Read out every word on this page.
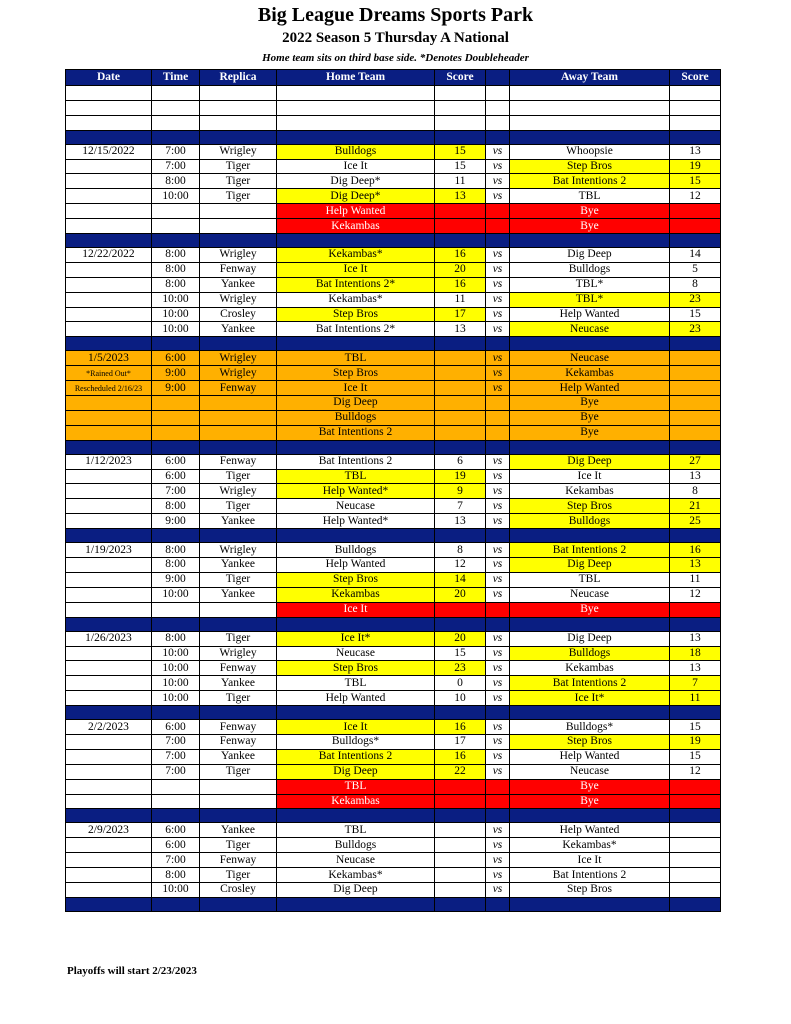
Big League Dreams Sports Park
2022 Season 5 Thursday A National
Home team sits on third base side. *Denotes Doubleheader
Date	Time	Replica	Home Team	Score		Away Team	Score

12/15/2022	7:00	Wrigley	Bulldogs	15	vs	Whoopsie	13
	7:00	Tiger	Ice It	15	vs	Step Bros	19
	8:00	Tiger	Dig Deep*	11	vs	Bat Intentions 2	15
	10:00	Tiger	Dig Deep*	13	vs	TBL	12
			Help Wanted			Bye	
			Kekambas			Bye	

12/22/2022	8:00	Wrigley	Kekambas*	16	vs	Dig Deep	14
	8:00	Fenway	Ice It	20	vs	Bulldogs	5
	8:00	Yankee	Bat Intentions 2*	16	vs	TBL*	8
	10:00	Wrigley	Kekambas*	11	vs	TBL*	23
	10:00	Crosley	Step Bros	17	vs	Help Wanted	15
	10:00	Yankee	Bat Intentions 2*	13	vs	Neucase	23

1/5/2023	6:00	Wrigley	TBL		vs	Neucase	
*Rained Out*	9:00	Wrigley	Step Bros		vs	Kekambas	
Rescheduled 2/16/23	9:00	Fenway	Ice It		vs	Help Wanted	
			Dig Deep			Bye	
			Bulldogs			Bye	
			Bat Intentions 2			Bye	

1/12/2023	6:00	Fenway	Bat Intentions 2	6	vs	Dig Deep	27
	6:00	Tiger	TBL	19	vs	Ice It	13
	7:00	Wrigley	Help Wanted*	9	vs	Kekambas	8
	8:00	Tiger	Neucase	7	vs	Step Bros	21
	9:00	Yankee	Help Wanted*	13	vs	Bulldogs	25

1/19/2023	8:00	Wrigley	Bulldogs	8	vs	Bat Intentions 2	16
	8:00	Yankee	Help Wanted	12	vs	Dig Deep	13
	9:00	Tiger	Step Bros	14	vs	TBL	11
	10:00	Yankee	Kekambas	20	vs	Neucase	12
			Ice It			Bye	

1/26/2023	8:00	Tiger	Ice It*	20	vs	Dig Deep	13
	10:00	Wrigley	Neucase	15	vs	Bulldogs	18
	10:00	Fenway	Step Bros	23	vs	Kekambas	13
	10:00	Yankee	TBL	0	vs	Bat Intentions 2	7
	10:00	Tiger	Help Wanted	10	vs	Ice It*	11

2/2/2023	6:00	Fenway	Ice It	16	vs	Bulldogs*	15
	7:00	Fenway	Bulldogs*	17	vs	Step Bros	19
	7:00	Yankee	Bat Intentions 2	16	vs	Help Wanted	15
	7:00	Tiger	Dig Deep	22	vs	Neucase	12
			TBL			Bye	
			Kekambas			Bye	

2/9/2023	6:00	Yankee	TBL		vs	Help Wanted	
	6:00	Tiger	Bulldogs		vs	Kekambas*	
	7:00	Fenway	Neucase		vs	Ice It	
	8:00	Tiger	Kekambas*		vs	Bat Intentions 2	
	10:00	Crosley	Dig Deep		vs	Step Bros	

Playoffs will start 2/23/2023
